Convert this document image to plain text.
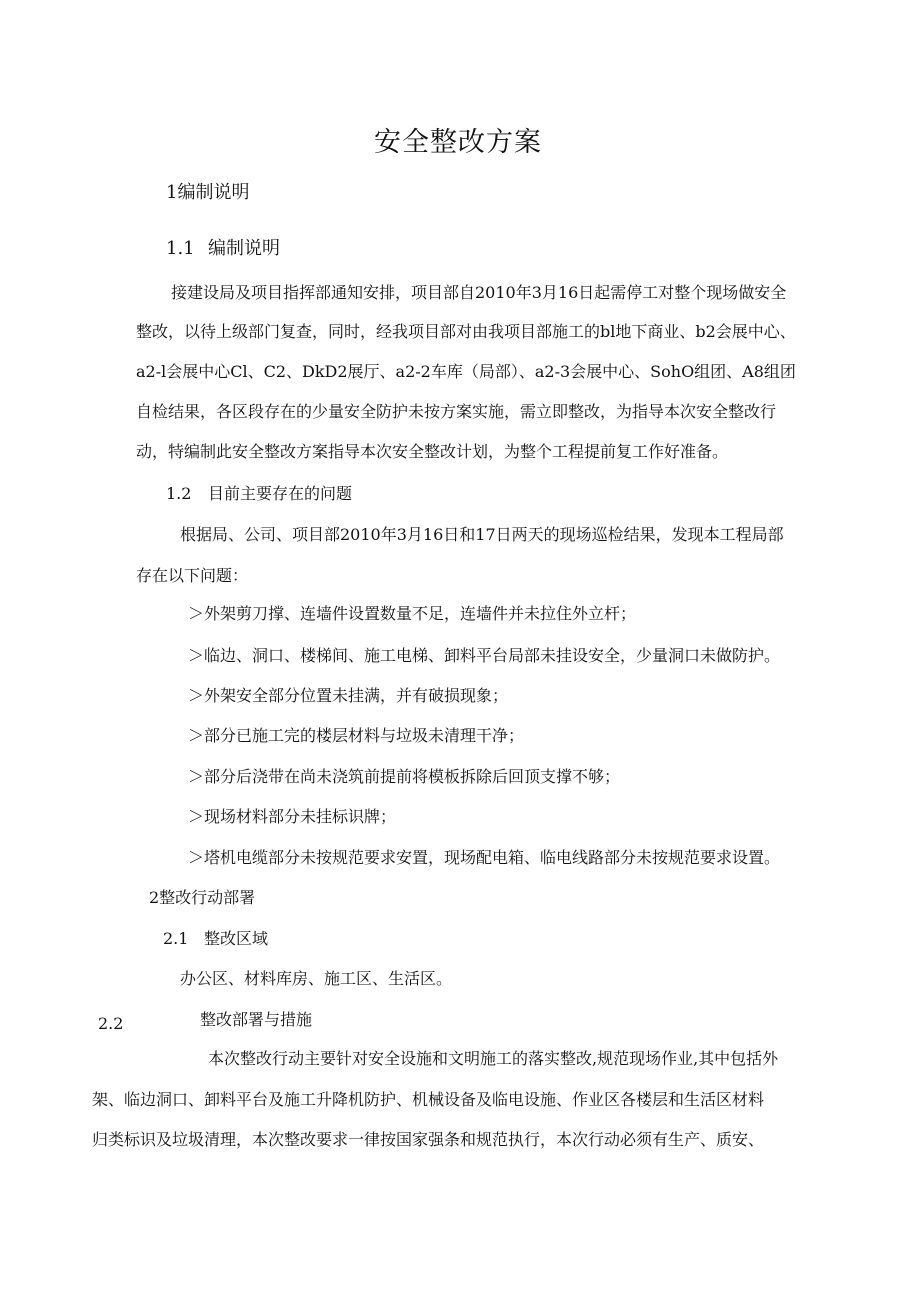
安全整改方案
1编制说明
1.1 编制说明
接建设局及项目指挥部通知安排，项目部自2010年3月16日起需停工对整个现场做安全
整改，以待上级部门复查，同时，经我项目部对由我项目部施工的bl地下商业、b2会展中心、
a2-l会展中心Cl、C2、DkD2展厅、a2-2车库（局部）、a2-3会展中心、SohO组团、A8组团
自检结果，各区段存在的少量安全防护未按方案实施，需立即整改，为指导本次安全整改行
动，特编制此安全整改方案指导本次安全整改计划，为整个工程提前复工作好准备。
1.2 目前主要存在的问题
根据局、公司、项目部2010年3月16日和17日两天的现场巡检结果，发现本工程局部
存在以下问题：
＞外架剪刀撑、连墙件设置数量不足，连墙件并未拉住外立杆；
＞临边、洞口、楼梯间、施工电梯、卸料平台局部未挂设安全，少量洞口未做防护。
＞外架安全部分位置未挂满，并有破损现象；
＞部分已施工完的楼层材料与垃圾未清理干净；
＞部分后浇带在尚未浇筑前提前将模板拆除后回顶支撑不够；
＞现场材料部分未挂标识牌；
＞塔机电缆部分未按规范要求安置，现场配电箱、临电线路部分未按规范要求设置。
2整改行动部署
2.1 整改区域
办公区、材料库房、施工区、生活区。
2.2	整改部署与措施
本次整改行动主要针对安全设施和文明施工的落实整改,规范现场作业,其中包括外
架、临边洞口、卸料平台及施工升降机防护、机械设备及临电设施、作业区各楼层和生活区材料
归类标识及垃圾清理，本次整改要求一律按国家强条和规范执行，本次行动必须有生产、质安、
